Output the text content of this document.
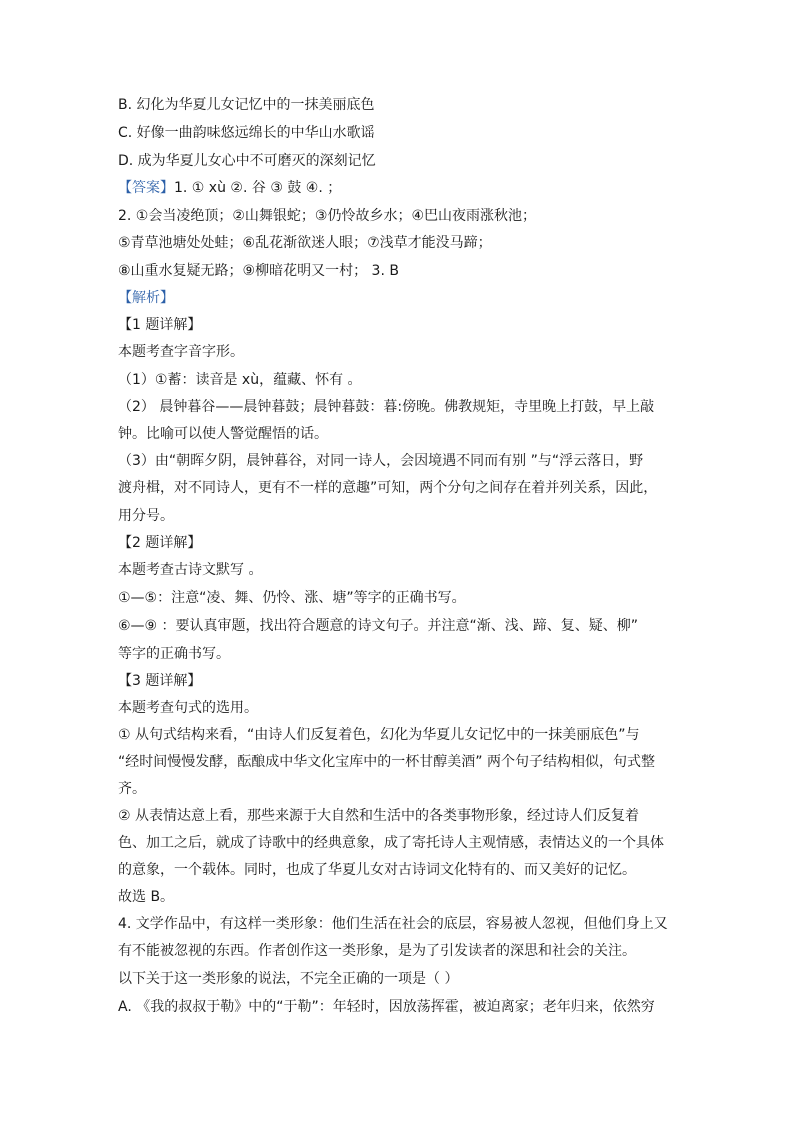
B. 幻化为华夏儿女记忆中的一抹美丽底色
C. 好像一曲韵味悠远绵长的中华山水歌谣
D. 成为华夏儿女心中不可磨灭的深刻记忆
【答案】1. ① xù ②. 谷 ③ 鼓 ④. ；
2. ①会当凌绝顶；②山舞银蛇；③仍怜故乡水；④巴山夜雨涨秋池；
⑤青草池塘处处蛙；⑥乱花渐欲迷人眼；⑦浅草才能没马蹄；
⑧山重水复疑无路；⑨柳暗花明又一村； 3. B
【解析】
【1 题详解】
本题考查字音字形。
（1）①蓄：读音是 xù，蕴藏、怀有 。
（2） 晨钟暮谷——晨钟暮鼓；晨钟暮鼓：暮:傍晚。佛教规矩，寺里晚上打鼓，早上敲
钟。比喻可以使人警觉醒悟的话。
（3）由“朝晖夕阴，晨钟暮谷，对同一诗人，会因境遇不同而有别 ”与“浮云落日，野
渡舟楫，对不同诗人，更有不一样的意趣”可知，两个分句之间存在着并列关系，因此，
用分号。
【2 题详解】
本题考查古诗文默写 。
①—⑤：注意“凌、舞、仍怜、涨、塘”等字的正确书写。
⑥—⑨ ：要认真审题，找出符合题意的诗文句子。并注意“渐、浅、蹄、复、疑、柳”
等字的正确书写。
【3 题详解】
本题考查句式的选用。
① 从句式结构来看，“由诗人们反复着色，幻化为华夏儿女记忆中的一抹美丽底色”与
“经时间慢慢发酵，酝酿成中华文化宝库中的一杯甘醇美酒” 两个句子结构相似，句式整
齐。
② 从表情达意上看，那些来源于大自然和生活中的各类事物形象，经过诗人们反复着
色、加工之后，就成了诗歌中的经典意象，成了寄托诗人主观情感，表情达义的一个具体
的意象，一个载体。同时，也成了华夏儿女对古诗词文化特有的、而又美好的记忆。
故选 B。
4. 文学作品中，有这样一类形象：他们生活在社会的底层，容易被人忽视，但他们身上又
有不能被忽视的东西。作者创作这一类形象，是为了引发读者的深思和社会的关注。
以下关于这一类形象的说法，不完全正确的一项是（ ）
A. 《我的叔叔于勒》中的“于勒”：年轻时，因放荡挥霍，被迫离家；老年归来，依然穷
